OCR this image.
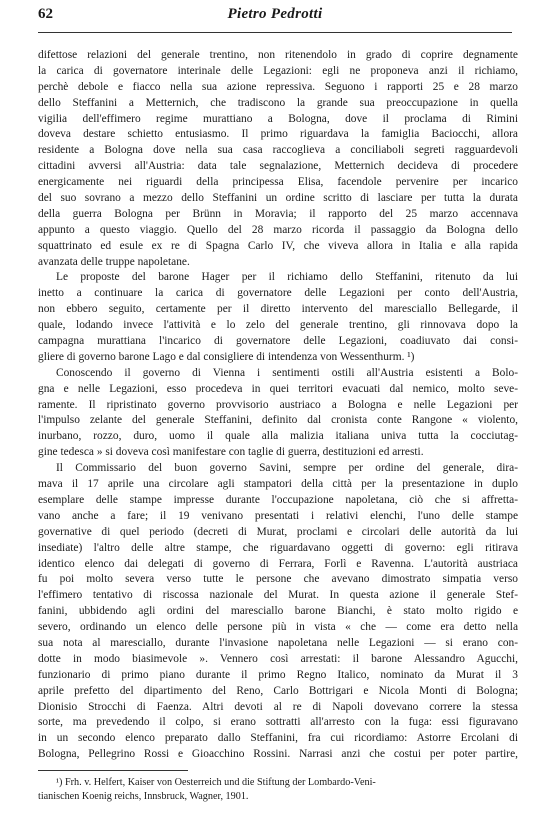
62	Pietro Pedrotti
difettose relazioni del generale trentino, non ritenendolo in grado di coprire degnamente
la carica di governatore interinale delle Legazioni: egli ne proponeva anzi il richiamo,
perchè debole e fiacco nella sua azione repressiva. Seguono i rapporti 25 e 28 marzo
dello Steffanini a Metternich, che tradiscono la grande sua preoccupazione in quella
vigilia dell'effimero regime murattiano a Bologna, dove il proclama di Rimini
doveva destare schietto entusiasmo. Il primo riguardava la famiglia Baciocchi, allora
residente a Bologna dove nella sua casa raccoglieva a conciliaboli segreti ragguardevoli
cittadini avversi all'Austria: data tale segnalazione, Metternich decideva di procedere
energicamente nei riguardi della principessa Elisa, facendole pervenire per incarico
del suo sovrano a mezzo dello Steffanini un ordine scritto di lasciare per tutta la durata
della guerra Bologna per Brünn in Moravia; il rapporto del 25 marzo accennava
appunto a questo viaggio. Quello del 28 marzo ricorda il passaggio da Bologna dello
squattrinato ed esule ex re di Spagna Carlo IV, che viveva allora in Italia e alla rapida
avanzata delle truppe napoletane.
Le proposte del barone Hager per il richiamo dello Steffanini, ritenuto da lui
inetto a continuare la carica di governatore delle Legazioni per conto dell'Austria,
non ebbero seguito, certamente per il diretto intervento del maresciallo Bellegarde, il
quale, lodando invece l'attività e lo zelo del generale trentino, gli rinnovava dopo la
campagna murattiana l'incarico di governatore delle Legazioni, coadiuvato dai consi-
gliere di governo barone Lago e dal consigliere di intendenza von Wessenthurm. ¹)
Conoscendo il governo di Vienna i sentimenti ostili all'Austria esistenti a Bolo-
gna e nelle Legazioni, esso procedeva in quei territori evacuati dal nemico, molto seve-
ramente. Il ripristinato governo provvisorio austriaco a Bologna e nelle Legazioni per
l'impulso zelante del generale Steffanini, definito dal cronista conte Rangone « violento,
inurbano, rozzo, duro, uomo il quale alla malizia italiana univa tutta la cocciutag-
gine tedesca » si doveva così manifestare con taglie di guerra, destituzioni ed arresti.
Il Commissario del buon governo Savini, sempre per ordine del generale, dira-
mava il 17 aprile una circolare agli stampatori della città per la presentazione in duplo
esemplare delle stampe impresse durante l'occupazione napoletana, ciò che si affretta-
vano anche a fare; il 19 venivano presentati i relativi elenchi, l'uno delle stampe
governative di quel periodo (decreti di Murat, proclami e circolari delle autorità da lui
insediate) l'altro delle altre stampe, che riguardavano oggetti di governo: egli ritirava
identico elenco dai delegati di governo di Ferrara, Forlì e Ravenna. L'autorità austriaca
fu poi molto severa verso tutte le persone che avevano dimostrato simpatia verso
l'effimero tentativo di riscossa nazionale del Murat. In questa azione il generale Stef-
fanini, ubbidendo agli ordini del maresciallo barone Bianchi, è stato molto rigido e
severo, ordinando un elenco delle persone più in vista « che — come era detto nella
sua nota al maresciallo, durante l'invasione napoletana nelle Legazioni — si erano con-
dotte in modo biasimevole ». Vennero così arrestati: il barone Alessandro Agucchi,
funzionario di primo piano durante il primo Regno Italico, nominato da Murat il 3
aprile prefetto del dipartimento del Reno, Carlo Bottrigari e Nicola Monti di Bologna;
Dionisio Strocchi di Faenza. Altri devoti al re di Napoli dovevano correre la stessa
sorte, ma prevedendo il colpo, si erano sottratti all'arresto con la fuga: essi figuravano
in un secondo elenco preparato dallo Steffanini, fra cui ricordiamo: Astorre Ercolani di
Bologna, Pellegrino Rossi e Gioacchino Rossini. Narrasi anzi che costui per poter partire,
¹) Frh. v. Helfert, Kaiser von Oesterreich und die Stiftung der Lombardo-Veni-
tianischen Koenig reichs, Innsbruck, Wagner, 1901.
